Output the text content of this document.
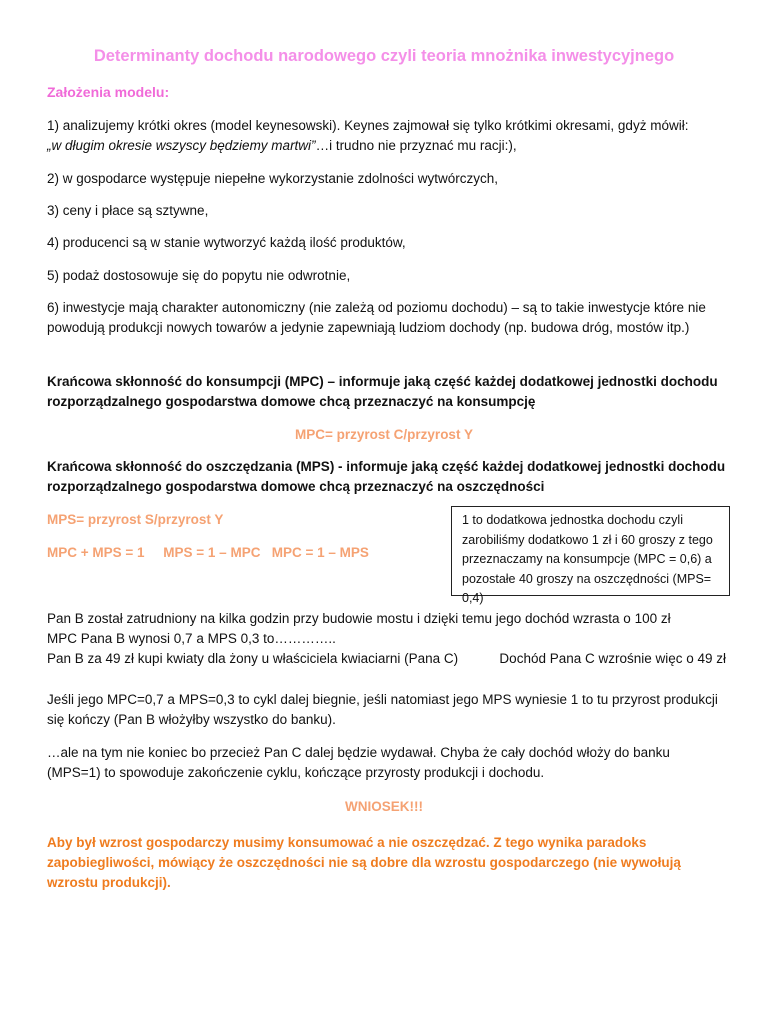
Determinanty dochodu narodowego czyli teoria mnożnika inwestycyjnego
Założenia modelu:
1) analizujemy krótki okres (model keynesowski). Keynes zajmował się tylko krótkimi okresami, gdyż mówił:
„w długim okresie wszyscy będziemy martwi”…i trudno nie przyznać mu racji:),
2) w gospodarce występuje niepełne wykorzystanie zdolności wytwórczych,
3) ceny i płace są sztywne,
4) producenci są w stanie wytworzyć każdą ilość produktów,
5) podaż dostosowuje się do popytu nie odwrotnie,
6) inwestycje mają charakter autonomiczny (nie zależą od poziomu dochodu) – są to takie inwestycje które nie powodują produkcji nowych towarów a jedynie zapewniają ludziom dochody (np. budowa dróg, mostów itp.)
Krańcowa skłonność do konsumpcji (MPC) – informuje jaką część każdej dodatkowej jednostki dochodu rozporządzalnego gospodarstwa domowe chcą przeznaczyć na konsumpcję
MPC= przyrost C/przyrost Y
Krańcowa skłonność do oszczędzania (MPS) - informuje jaką część każdej dodatkowej jednostki dochodu rozporządzalnego gospodarstwa domowe chcą przeznaczyć na oszczędności
MPS= przyrost S/przyrost Y
MPC + MPS = 1     MPS = 1 – MPC   MPC = 1 – MPS
1 to dodatkowa jednostka dochodu czyli zarobiliśmy dodatkowo 1 zł i 60 groszy z tego przeznaczamy na konsumpcje (MPC = 0,6) a pozostałe 40 groszy na oszczędności (MPS= 0,4)
Pan B został zatrudniony na kilka godzin przy budowie mostu i dzięki temu jego dochód wzrasta o 100 zł
MPC Pana B wynosi 0,7 a MPS 0,3 to…………..
Pan B za 49 zł kupi kwiaty dla żony u właściciela kwiaciarni (Pana C)           Dochód Pana C wzrośnie więc o 49 zł
Jeśli jego MPC=0,7 a MPS=0,3 to cykl dalej biegnie, jeśli natomiast jego MPS wyniesie 1 to tu przyrost produkcji się kończy (Pan B włożyłby wszystko do banku).
…ale na tym nie koniec bo przecież Pan C dalej będzie wydawał. Chyba że cały dochód włoży do banku (MPS=1) to spowoduje zakończenie cyklu, kończące przyrosty produkcji i dochodu.
WNIOSEK!!!
Aby był wzrost gospodarczy musimy konsumować a nie oszczędzać. Z tego wynika paradoks zapobiegliwości, mówiący że oszczędności nie są dobre dla wzrostu gospodarczego (nie wywołują wzrostu produkcji).
